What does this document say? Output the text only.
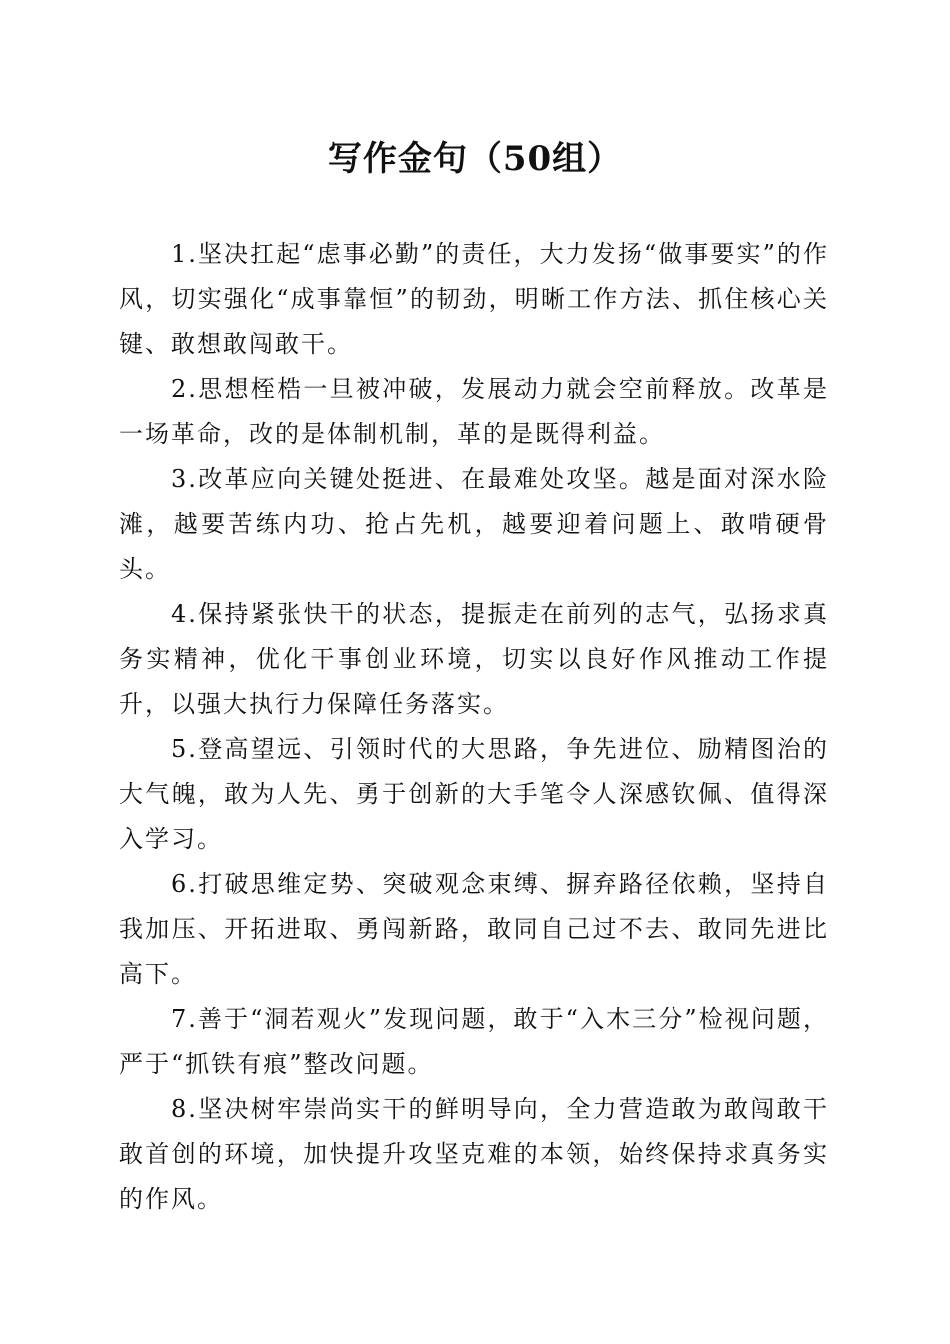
写作金句（50组）

1.坚决扛起“虑事必勤”的责任，大力发扬“做事要实”的作风，切实强化“成事靠恒”的韧劲，明晰工作方法、抓住核心关键、敢想敢闯敢干。

2.思想桎梏一旦被冲破，发展动力就会空前释放。改革是一场革命，改的是体制机制，革的是既得利益。

3.改革应向关键处挺进、在最难处攻坚。越是面对深水险滩，越要苦练内功、抢占先机，越要迎着问题上、敢啃硬骨头。

4.保持紧张快干的状态，提振走在前列的志气，弘扬求真务实精神，优化干事创业环境，切实以良好作风推动工作提升，以强大执行力保障任务落实。

5.登高望远、引领时代的大思路，争先进位、励精图治的大气魄，敢为人先、勇于创新的大手笔令人深感钦佩、值得深入学习。

6.打破思维定势、突破观念束缚、摒弃路径依赖，坚持自我加压、开拓进取、勇闯新路，敢同自己过不去、敢同先进比高下。

7.善于“洞若观火”发现问题，敢于“入木三分”检视问题，严于“抓铁有痕”整改问题。

8.坚决树牢崇尚实干的鲜明导向，全力营造敢为敢闯敢干敢首创的环境，加快提升攻坚克难的本领，始终保持求真务实的作风。
